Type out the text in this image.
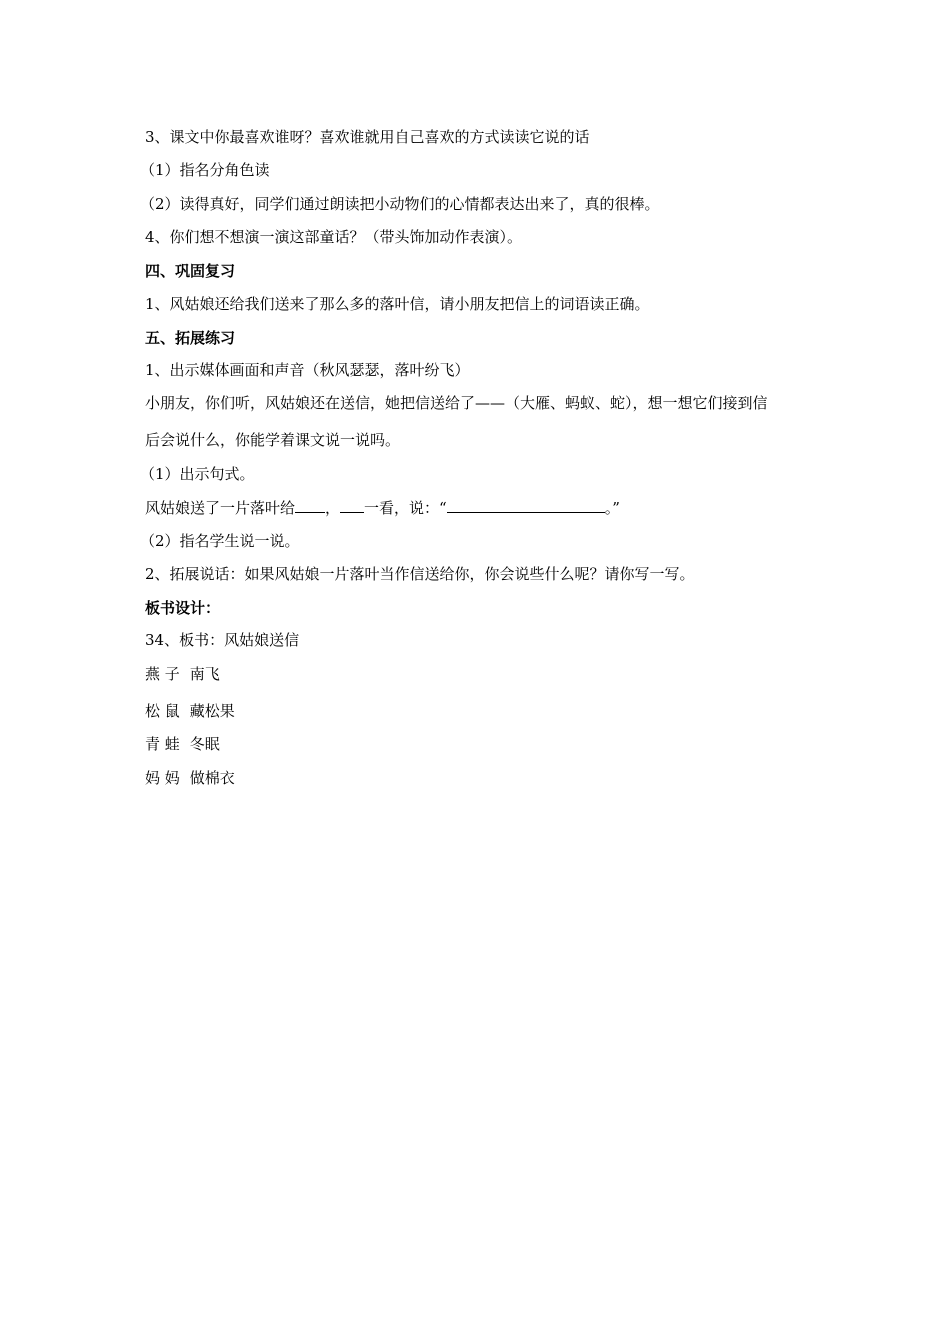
3、课文中你最喜欢谁呀？喜欢谁就用自己喜欢的方式读读它说的话
（1）指名分角色读
（2）读得真好，同学们通过朗读把小动物们的心情都表达出来了，真的很棒。
4、你们想不想演一演这部童话？（带头饰加动作表演）。
四、巩固复习
1、风姑娘还给我们送来了那么多的落叶信，请小朋友把信上的词语读正确。
五、拓展练习
1、出示媒体画面和声音（秋风瑟瑟，落叶纷飞）
小朋友，你们听，风姑娘还在送信，她把信送给了——（大雁、蚂蚁、蛇），想一想它们接到信
后会说什么，你能学着课文说一说吗。
（1）出示句式。
风姑娘送了一片落叶给 ， 一看，说：“	。”
（2）指名学生说一说。
2、拓展说话：如果风姑娘一片落叶当作信送给你，你会说些什么呢？请你写一写。
板书设计：
34、板书：风姑娘送信
燕 子 南飞
松 鼠 藏松果
青 蛙 冬眠
妈 妈 做棉衣
